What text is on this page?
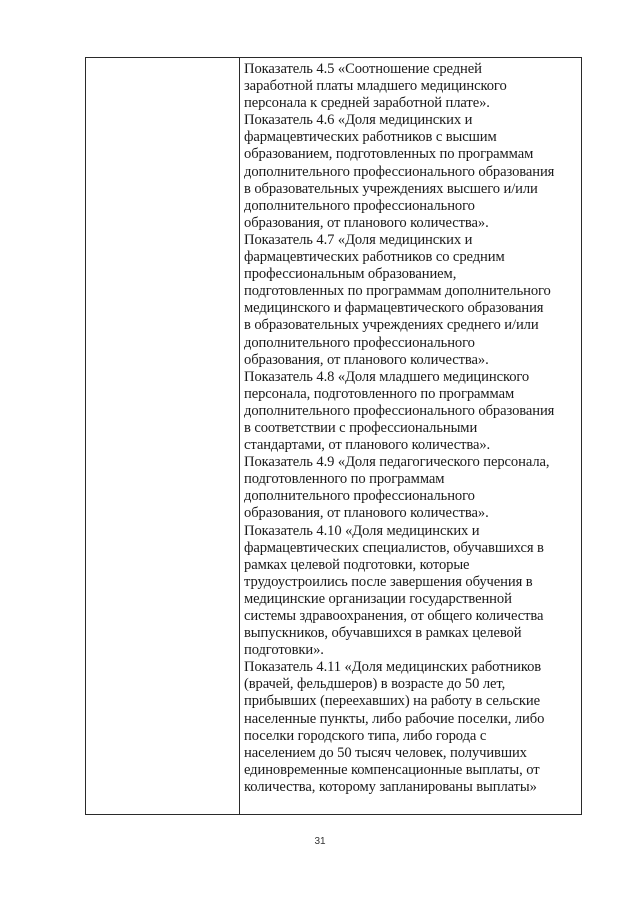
Показатель 4.5 «Соотношение средней
заработной платы младшего медицинского
персонала к средней заработной плате».
Показатель 4.6 «Доля медицинских и
фармацевтических работников с высшим
образованием, подготовленных по программам
дополнительного профессионального образования
в образовательных учреждениях высшего и/или
дополнительного профессионального
образования, от планового количества».
Показатель 4.7 «Доля медицинских и
фармацевтических работников со средним
профессиональным образованием,
подготовленных по программам дополнительного
медицинского и фармацевтического образования
в образовательных учреждениях среднего и/или
дополнительного профессионального
образования, от планового количества».
Показатель 4.8 «Доля младшего медицинского
персонала, подготовленного по программам
дополнительного профессионального образования
в соответствии с профессиональными
стандартами, от планового количества».
Показатель 4.9 «Доля педагогического персонала,
подготовленного по программам
дополнительного профессионального
образования, от планового количества».
Показатель 4.10 «Доля медицинских и
фармацевтических специалистов, обучавшихся в
рамках целевой подготовки, которые
трудоустроились после завершения обучения в
медицинские организации государственной
системы здравоохранения, от общего количества
выпускников, обучавшихся в рамках целевой
подготовки».
Показатель 4.11 «Доля медицинских работников
(врачей, фельдшеров) в возрасте до 50 лет,
прибывших (переехавших) на работу в сельские
населенные пункты, либо рабочие поселки, либо
поселки городского типа, либо города с
населением до 50 тысяч человек, получивших
единовременные компенсационные выплаты, от
количества, которому запланированы выплаты»
31
